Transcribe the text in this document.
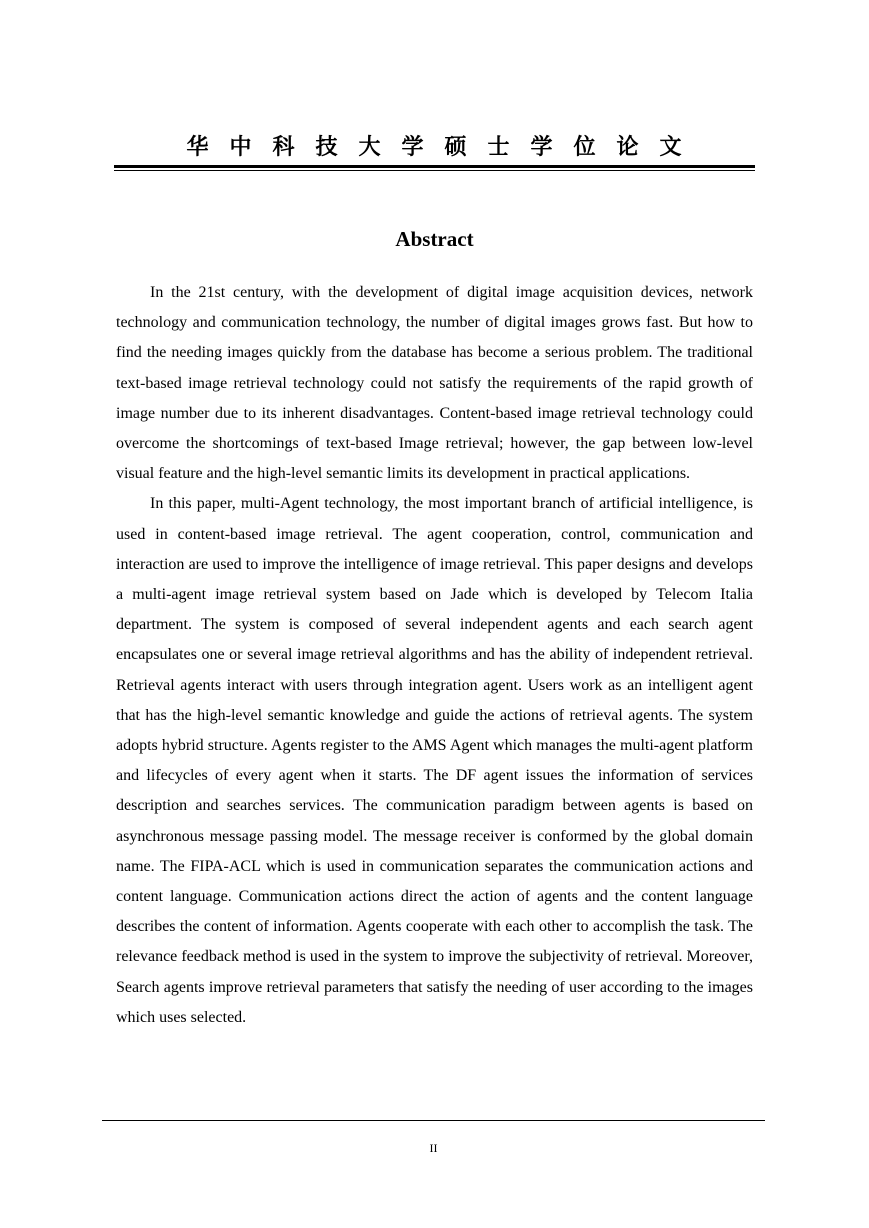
华中科技大学硕士学位论文
Abstract

In the 21st century, with the development of digital image acquisition devices, network technology and communication technology, the number of digital images grows fast. But how to find the needing images quickly from the database has become a serious problem. The traditional text-based image retrieval technology could not satisfy the requirements of the rapid growth of image number due to its inherent disadvantages. Content-based image retrieval technology could overcome the shortcomings of text-based Image retrieval; however, the gap between low-level visual feature and the high-level semantic limits its development in practical applications.

In this paper, multi-Agent technology, the most important branch of artificial intelligence, is used in content-based image retrieval. The agent cooperation, control, communication and interaction are used to improve the intelligence of image retrieval. This paper designs and develops a multi-agent image retrieval system based on Jade which is developed by Telecom Italia department. The system is composed of several independent agents and each search agent encapsulates one or several image retrieval algorithms and has the ability of independent retrieval. Retrieval agents interact with users through integration agent. Users work as an intelligent agent that has the high-level semantic knowledge and guide the actions of retrieval agents. The system adopts hybrid structure. Agents register to the AMS Agent which manages the multi-agent platform and lifecycles of every agent when it starts. The DF agent issues the information of services description and searches services. The communication paradigm between agents is based on asynchronous message passing model. The message receiver is conformed by the global domain name. The FIPA-ACL which is used in communication separates the communication actions and content language. Communication actions direct the action of agents and the content language describes the content of information. Agents cooperate with each other to accomplish the task. The relevance feedback method is used in the system to improve the subjectivity of retrieval. Moreover, Search agents improve retrieval parameters that satisfy the needing of user according to the images which uses selected.

II
